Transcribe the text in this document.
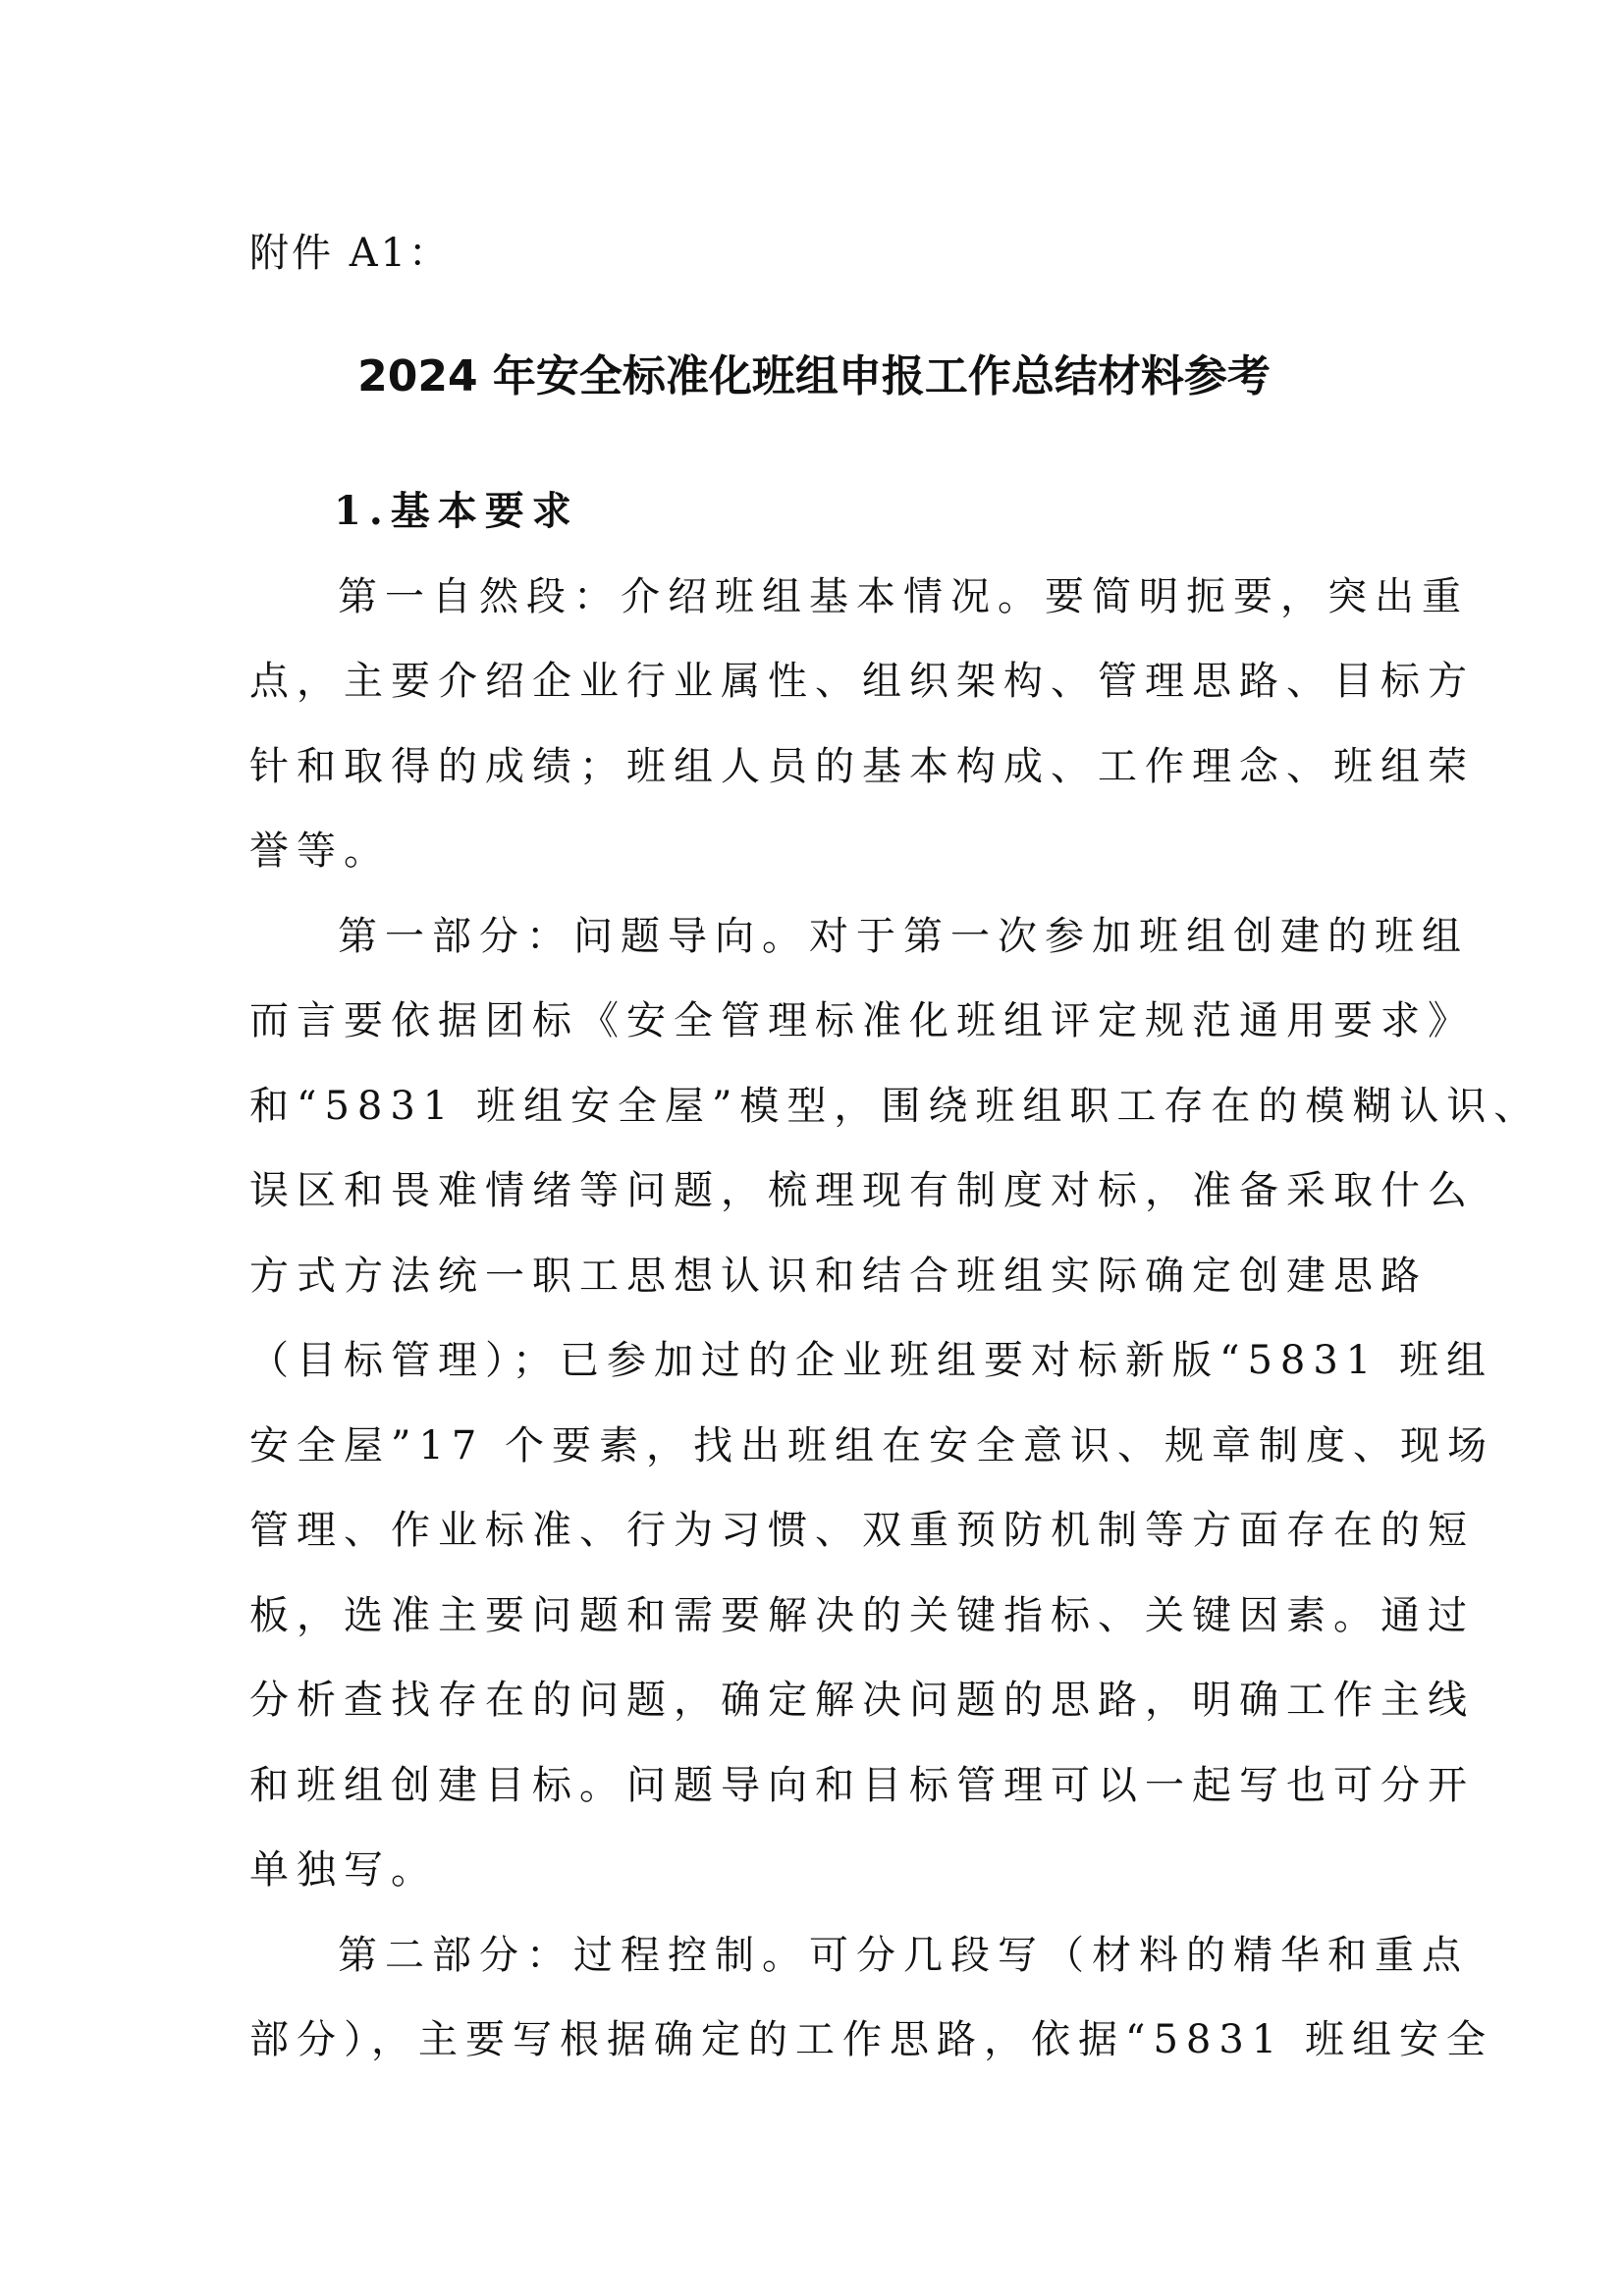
附件 A1：
2024 年安全标准化班组申报工作总结材料参考

1.基本要求

第一自然段：介绍班组基本情况。要简明扼要，突出重
点，主要介绍企业行业属性、组织架构、管理思路、目标方
针和取得的成绩；班组人员的基本构成、工作理念、班组荣
誉等。

第一部分：问题导向。对于第一次参加班组创建的班组
而言要依据团标《安全管理标准化班组评定规范通用要求》
和“5831 班组安全屋”模型，围绕班组职工存在的模糊认识、
误区和畏难情绪等问题，梳理现有制度对标，准备采取什么
方式方法统一职工思想认识和结合班组实际确定创建思路
（目标管理）；已参加过的企业班组要对标新版“5831 班组
安全屋”17 个要素，找出班组在安全意识、规章制度、现场
管理、作业标准、行为习惯、双重预防机制等方面存在的短
板，选准主要问题和需要解决的关键指标、关键因素。通过
分析查找存在的问题，确定解决问题的思路，明确工作主线
和班组创建目标。问题导向和目标管理可以一起写也可分开
单独写。

第二部分：过程控制。可分几段写（材料的精华和重点
部分），主要写根据确定的工作思路，依据“5831 班组安全
